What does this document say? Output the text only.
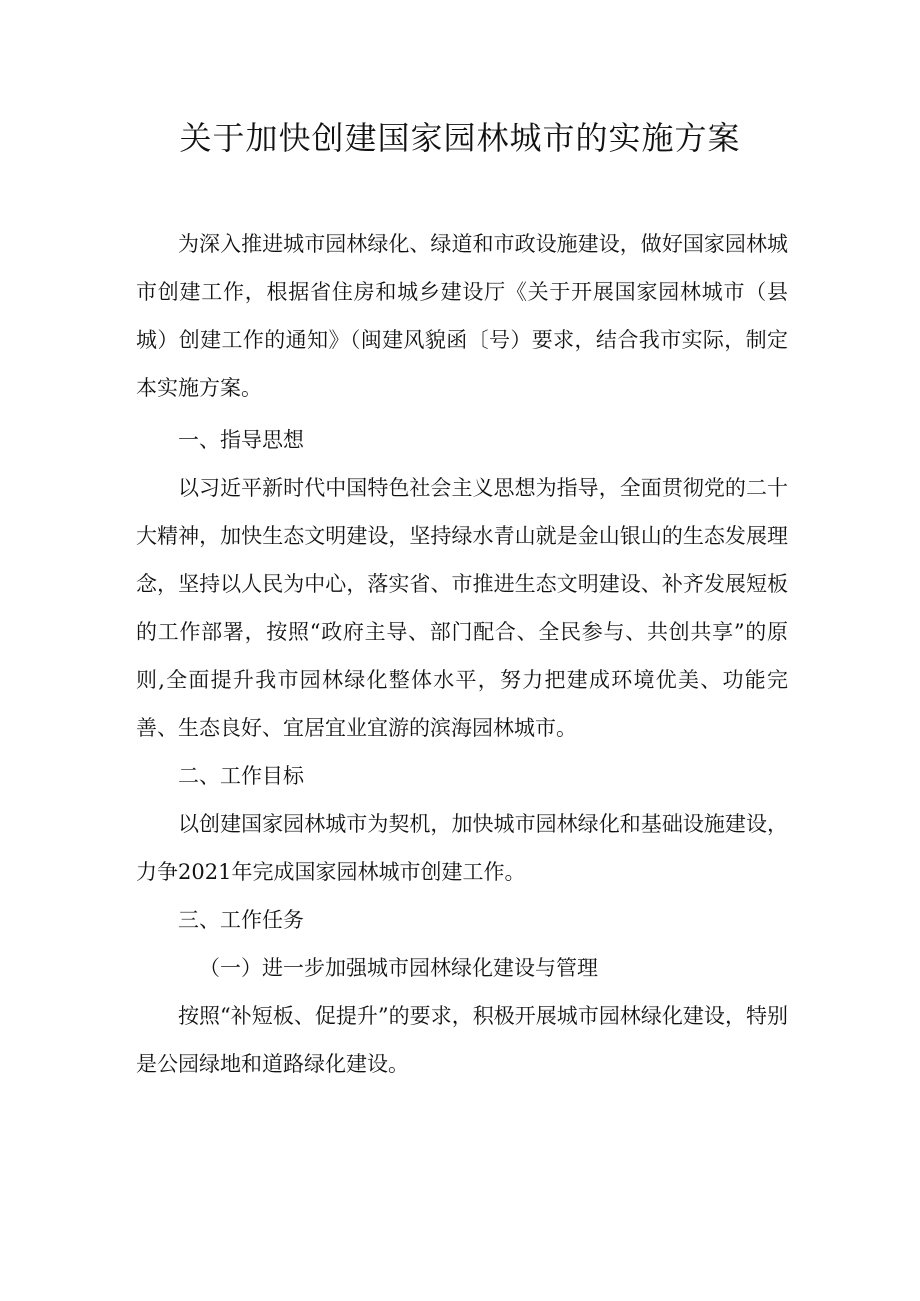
关于加快创建国家园林城市的实施方案

为深入推进城市园林绿化、绿道和市政设施建设，做好国家园林城市创建工作，根据省住房和城乡建设厅《关于开展国家园林城市（县城）创建工作的通知》（闽建风貌函〔号）要求，结合我市实际，制定本实施方案。

一、指导思想

以习近平新时代中国特色社会主义思想为指导，全面贯彻党的二十大精神，加快生态文明建设，坚持绿水青山就是金山银山的生态发展理念，坚持以人民为中心，落实省、市推进生态文明建设、补齐发展短板的工作部署，按照“政府主导、部门配合、全民参与、共创共享”的原则,全面提升我市园林绿化整体水平，努力把建成环境优美、功能完善、生态良好、宜居宜业宜游的滨海园林城市。

二、工作目标

以创建国家园林城市为契机，加快城市园林绿化和基础设施建设，力争2021年完成国家园林城市创建工作。

三、工作任务

（一）进一步加强城市园林绿化建设与管理

按照“补短板、促提升”的要求，积极开展城市园林绿化建设，特别是公园绿地和道路绿化建设。
